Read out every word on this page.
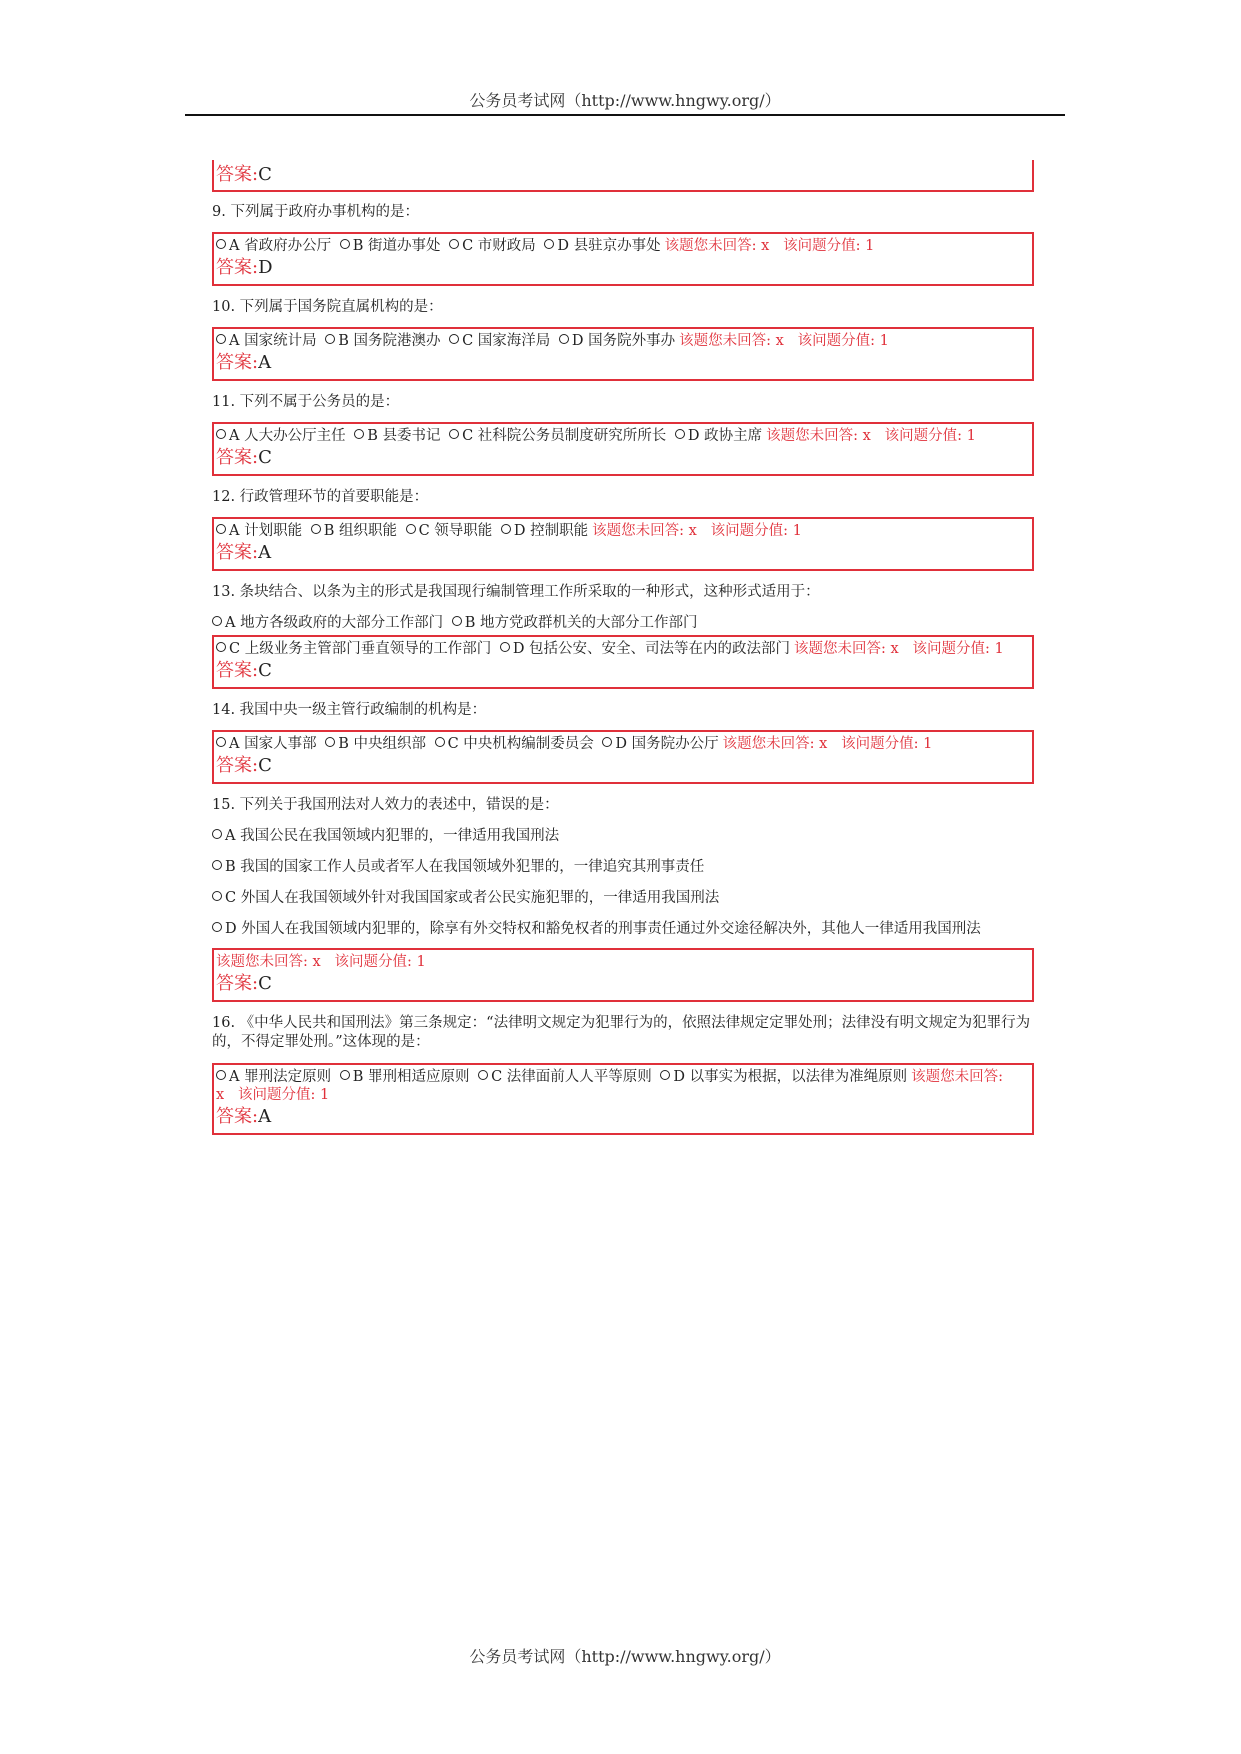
公务员考试网（http://www.hngwy.org/）
答案:C

9. 下列属于政府办事机构的是：

A 省政府办公厅 B 街道办事处 C 市财政局 D 县驻京办事处 该题您未回答: x 该问题分值: 1
答案:D

10. 下列属于国务院直属机构的是：

A 国家统计局 B 国务院港澳办 C 国家海洋局 D 国务院外事办 该题您未回答: x 该问题分值: 1
答案:A

11. 下列不属于公务员的是：

A 人大办公厅主任 B 县委书记 C 社科院公务员制度研究所所长 D 政协主席 该题您未回答: x 该问题分值: 1
答案:C

12. 行政管理环节的首要职能是：

A 计划职能 B 组织职能 C 领导职能 D 控制职能 该题您未回答: x 该问题分值: 1
答案:A

13. 条块结合、以条为主的形式是我国现行编制管理工作所采取的一种形式，这种形式适用于：

A 地方各级政府的大部分工作部门 B 地方党政群机关的大部分工作部门

C 上级业务主管部门垂直领导的工作部门 D 包括公安、安全、司法等在内的政法部门 该题您未回答: x 该问题分值: 1
答案:C

14. 我国中央一级主管行政编制的机构是：

A 国家人事部 B 中央组织部 C 中央机构编制委员会 D 国务院办公厅 该题您未回答: x 该问题分值: 1
答案:C

15. 下列关于我国刑法对人效力的表述中，错误的是：

A 我国公民在我国领域内犯罪的，一律适用我国刑法

B 我国的国家工作人员或者军人在我国领域外犯罪的，一律追究其刑事责任

C 外国人在我国领域外针对我国国家或者公民实施犯罪的，一律适用我国刑法

D 外国人在我国领域内犯罪的，除享有外交特权和豁免权者的刑事责任通过外交途径解决外，其他人一律适用我国刑法

该题您未回答: x 该问题分值: 1
答案:C

16. 《中华人民共和国刑法》第三条规定：“法律明文规定为犯罪行为的，依照法律规定定罪处刑；法律没有明文规定为犯罪行为的，不得定罪处刑。”这体现的是：

A 罪刑法定原则 B 罪刑相适应原则 C 法律面前人人平等原则 D 以事实为根据，以法律为准绳原则 该题您未回答: x 该问题分值: 1
答案:A
公务员考试网（http://www.hngwy.org/）
